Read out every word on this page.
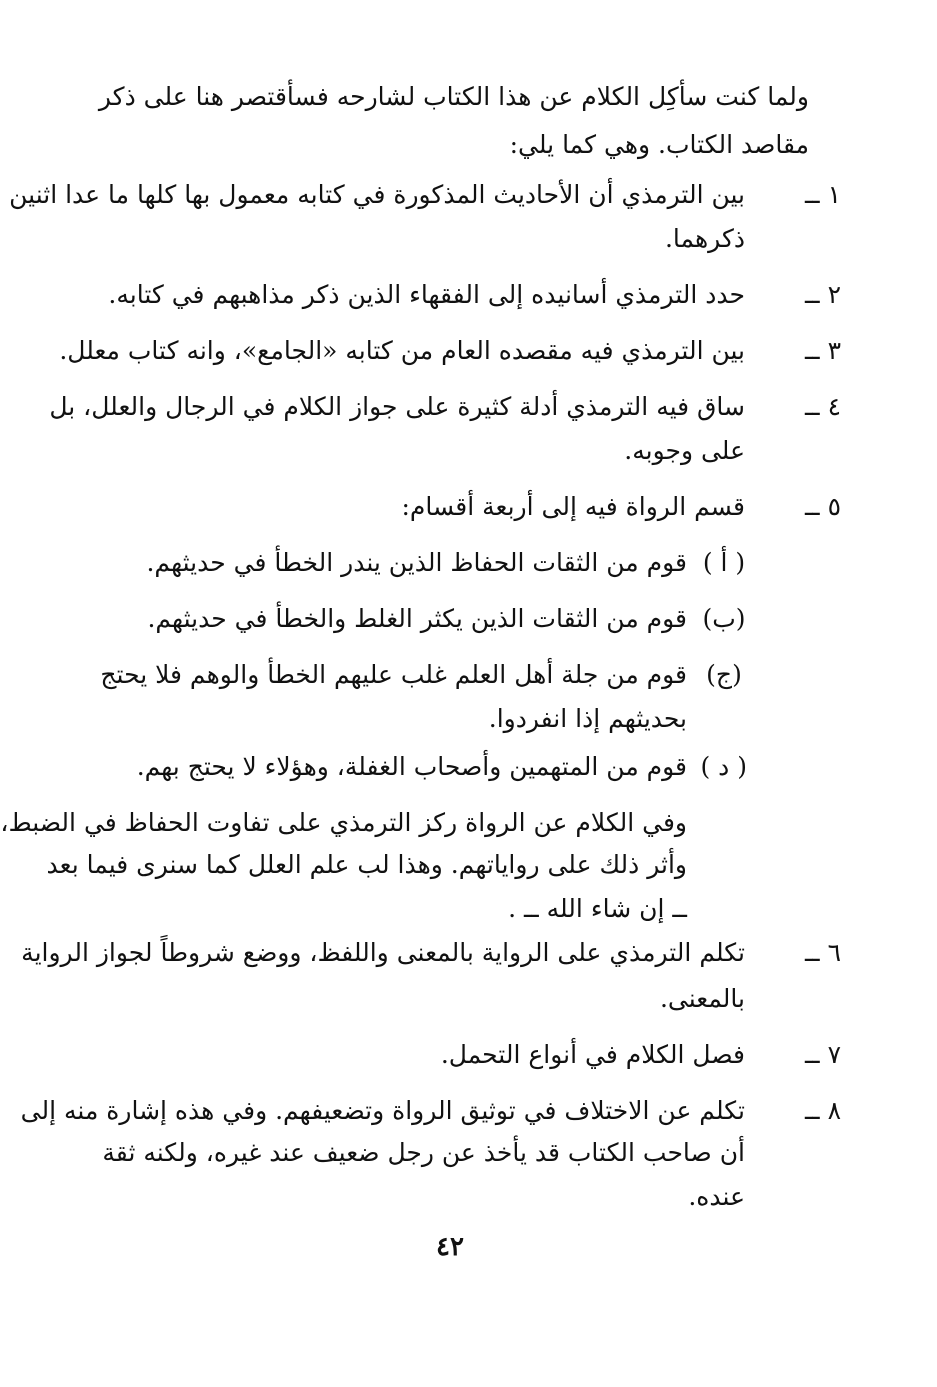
ولما كنت سأكِل الكلام عن هذا الكتاب لشارحه فسأقتصر هنا على ذكر
مقاصد الكتاب. وهي كما يلي:
١ ــ
بين الترمذي أن الأحاديث المذكورة في كتابه معمول بها كلها ما عدا اثنين
ذكرهما.
٢ ــ
حدد الترمذي أسانيده إلى الفقهاء الذين ذكر مذاهبهم في كتابه.
٣ ــ
بين الترمذي فيه مقصده العام من كتابه «الجامع»، وانه كتاب معلل.
٤ ــ
ساق فيه الترمذي أدلة كثيرة على جواز الكلام في الرجال والعلل، بل
على وجوبه.
٥ ــ
قسم الرواة فيه إلى أربعة أقسام:
( أ )
قوم من الثقات الحفاظ الذين يندر الخطأ في حديثهم.
(ب)
قوم من الثقات الذين يكثر الغلط والخطأ في حديثهم.
(ج)
قوم من جلة أهل العلم غلب عليهم الخطأ والوهم فلا يحتج
بحديثهم إذا انفردوا.
( د )
قوم من المتهمين وأصحاب الغفلة، وهؤلاء لا يحتج بهم.
وفي الكلام عن الرواة ركز الترمذي على تفاوت الحفاظ في الضبط،
وأثر ذلك على رواياتهم. وهذا لب علم العلل كما سنرى فيما بعد
ــ إن شاء الله ــ .
٦ ــ
تكلم الترمذي على الرواية بالمعنى واللفظ، ووضع شروطاً لجواز الرواية
بالمعنى.
٧ ــ
فصل الكلام في أنواع التحمل.
٨ ــ
تكلم عن الاختلاف في توثيق الرواة وتضعيفهم. وفي هذه إشارة منه إلى
أن صاحب الكتاب قد يأخذ عن رجل ضعيف عند غيره، ولكنه ثقة
عنده.
٤٢
